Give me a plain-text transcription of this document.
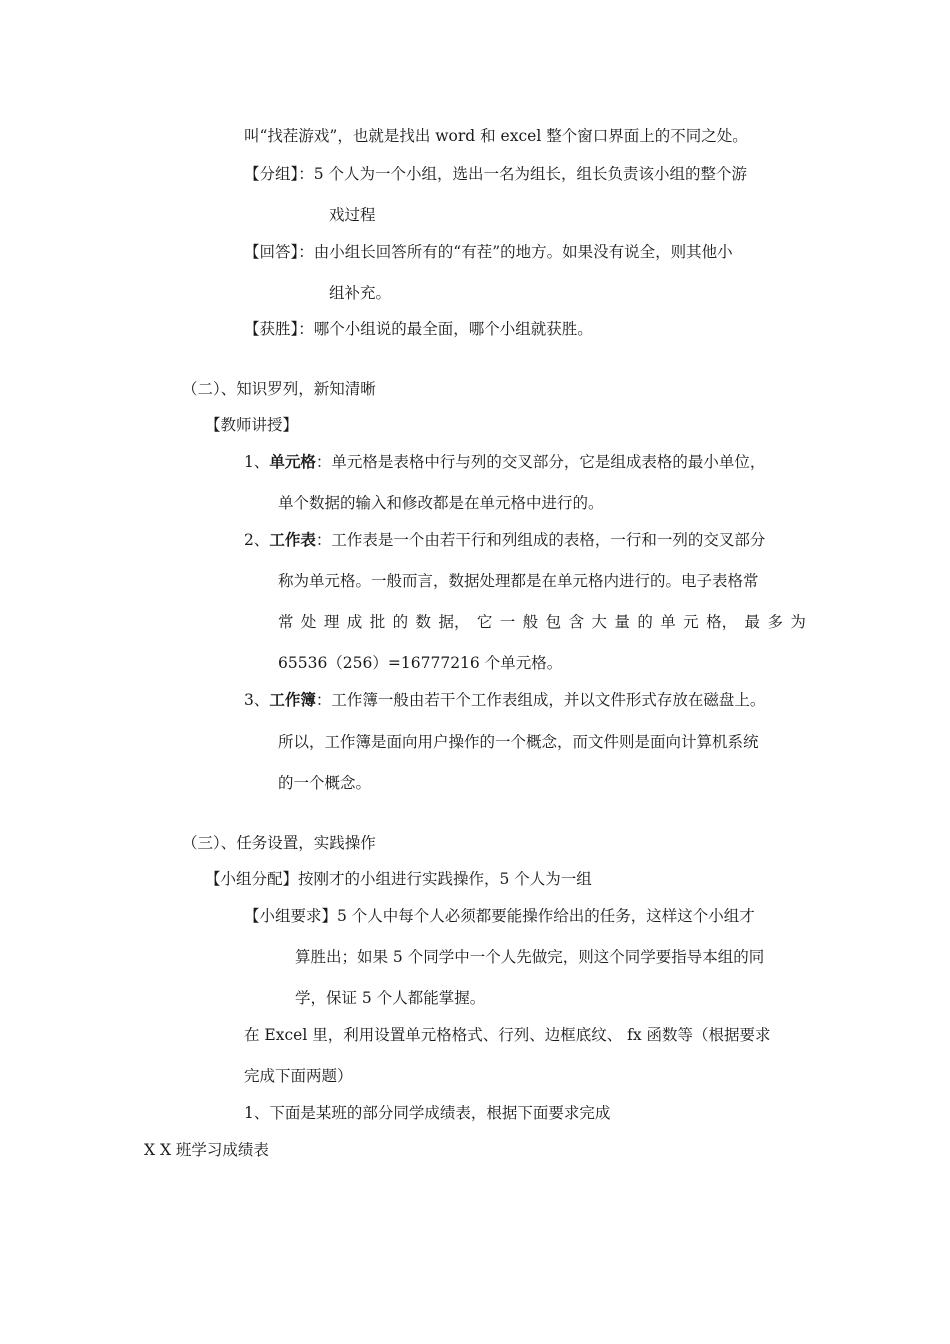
叫“找茬游戏”，也就是找出 word 和 excel 整个窗口界面上的不同之处。
【分组】：5 个人为一个小组，选出一名为组长，组长负责该小组的整个游
戏过程
【回答】：由小组长回答所有的“有茬”的地方。如果没有说全，则其他小
组补充。
【获胜】：哪个小组说的最全面，哪个小组就获胜。
（二）、知识罗列，新知清晰
【教师讲授】
1、单元格：单元格是表格中行与列的交叉部分，它是组成表格的最小单位，
单个数据的输入和修改都是在单元格中进行的。
2、工作表：工作表是一个由若干行和列组成的表格，一行和一列的交叉部分
称为单元格。一般而言，数据处理都是在单元格内进行的。电子表格常
常 处 理 成 批 的 数 据， 它 一 般 包 含 大 量 的 单 元 格， 最 多 为
65536（256）=16777216 个单元格。
3、工作簿：工作簿一般由若干个工作表组成，并以文件形式存放在磁盘上。
所以，工作簿是面向用户操作的一个概念，而文件则是面向计算机系统
的一个概念。
（三）、任务设置，实践操作
【小组分配】按刚才的小组进行实践操作，5 个人为一组
【小组要求】5 个人中每个人必须都要能操作给出的任务，这样这个小组才
算胜出；如果 5 个同学中一个人先做完，则这个同学要指导本组的同
学，保证 5 个人都能掌握。
在 Excel 里，利用设置单元格格式、行列、边框底纹、 fx 函数等（根据要求
完成下面两题）
1、下面是某班的部分同学成绩表，根据下面要求完成
X X 班学习成绩表
